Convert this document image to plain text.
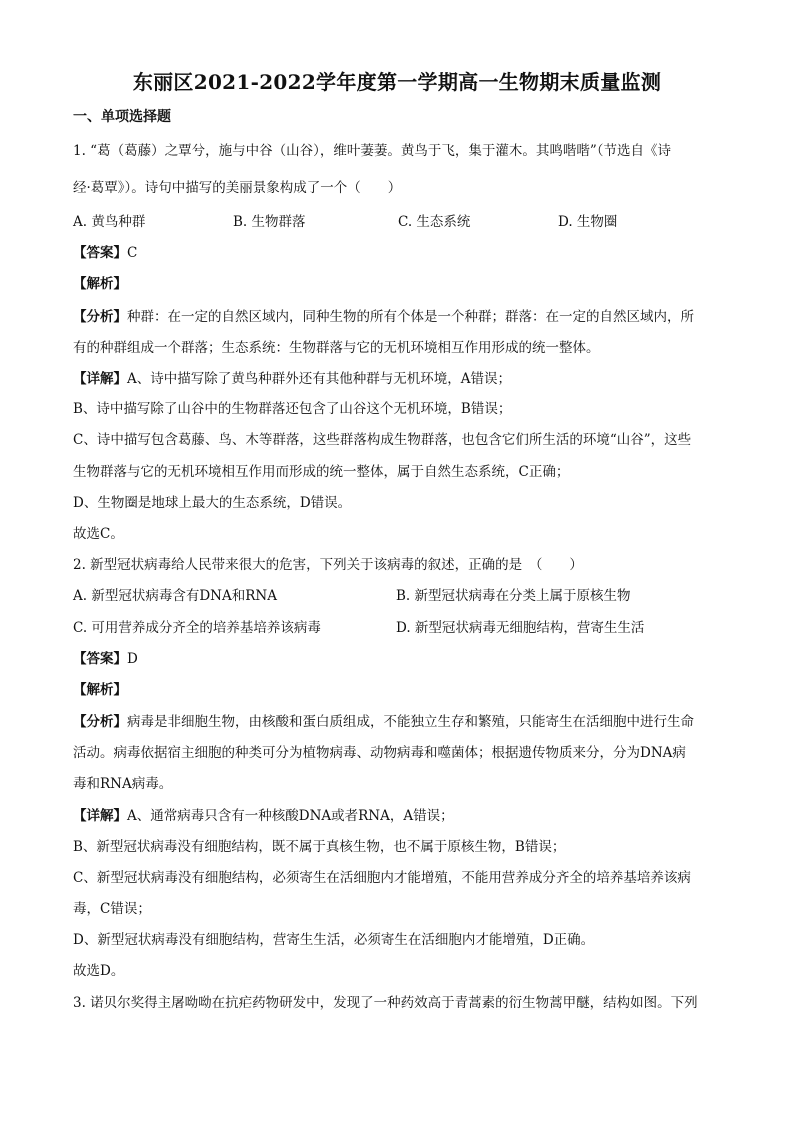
东丽区2021-2022学年度第一学期高一生物期末质量监测
一、单项选择题
1. “葛（葛藤）之覃兮，施与中谷（山谷），维叶萋萋。黄鸟于飞，集于灌木。其鸣喈喈”（节选自《诗
经·葛覃》）。诗句中描写的美丽景象构成了一个（　　）
A. 黄鸟种群	B. 生物群落	C. 生态系统	D. 生物圈
【答案】C
【解析】
【分析】种群：在一定的自然区域内，同种生物的所有个体是一个种群；群落：在一定的自然区域内，所
有的种群组成一个群落；生态系统：生物群落与它的无机环境相互作用形成的统一整体。
【详解】A、诗中描写除了黄鸟种群外还有其他种群与无机环境，A错误；
B、诗中描写除了山谷中的生物群落还包含了山谷这个无机环境，B错误；
C、诗中描写包含葛藤、鸟、木等群落，这些群落构成生物群落，也包含它们所生活的环境“山谷”，这些
生物群落与它的无机环境相互作用而形成的统一整体，属于自然生态系统，C正确；
D、生物圈是地球上最大的生态系统，D错误。
故选C。
2. 新型冠状病毒给人民带来很大的危害，下列关于该病毒的叙述，正确的是　（　　）
A. 新型冠状病毒含有DNA和RNA	B. 新型冠状病毒在分类上属于原核生物
C. 可用营养成分齐全的培养基培养该病毒	D. 新型冠状病毒无细胞结构，营寄生生活
【答案】D
【解析】
【分析】病毒是非细胞生物，由核酸和蛋白质组成，不能独立生存和繁殖，只能寄生在活细胞中进行生命
活动。病毒依据宿主细胞的种类可分为植物病毒、动物病毒和噬菌体；根据遗传物质来分，分为DNA病
毒和RNA病毒。
【详解】A、通常病毒只含有一种核酸DNA或者RNA，A错误；
B、新型冠状病毒没有细胞结构，既不属于真核生物，也不属于原核生物，B错误；
C、新型冠状病毒没有细胞结构，必须寄生在活细胞内才能增殖，不能用营养成分齐全的培养基培养该病
毒，C错误；
D、新型冠状病毒没有细胞结构，营寄生生活，必须寄生在活细胞内才能增殖，D正确。
故选D。
3. 诺贝尔奖得主屠呦呦在抗疟药物研发中，发现了一种药效高于青蒿素的衍生物蒿甲醚，结构如图。下列
